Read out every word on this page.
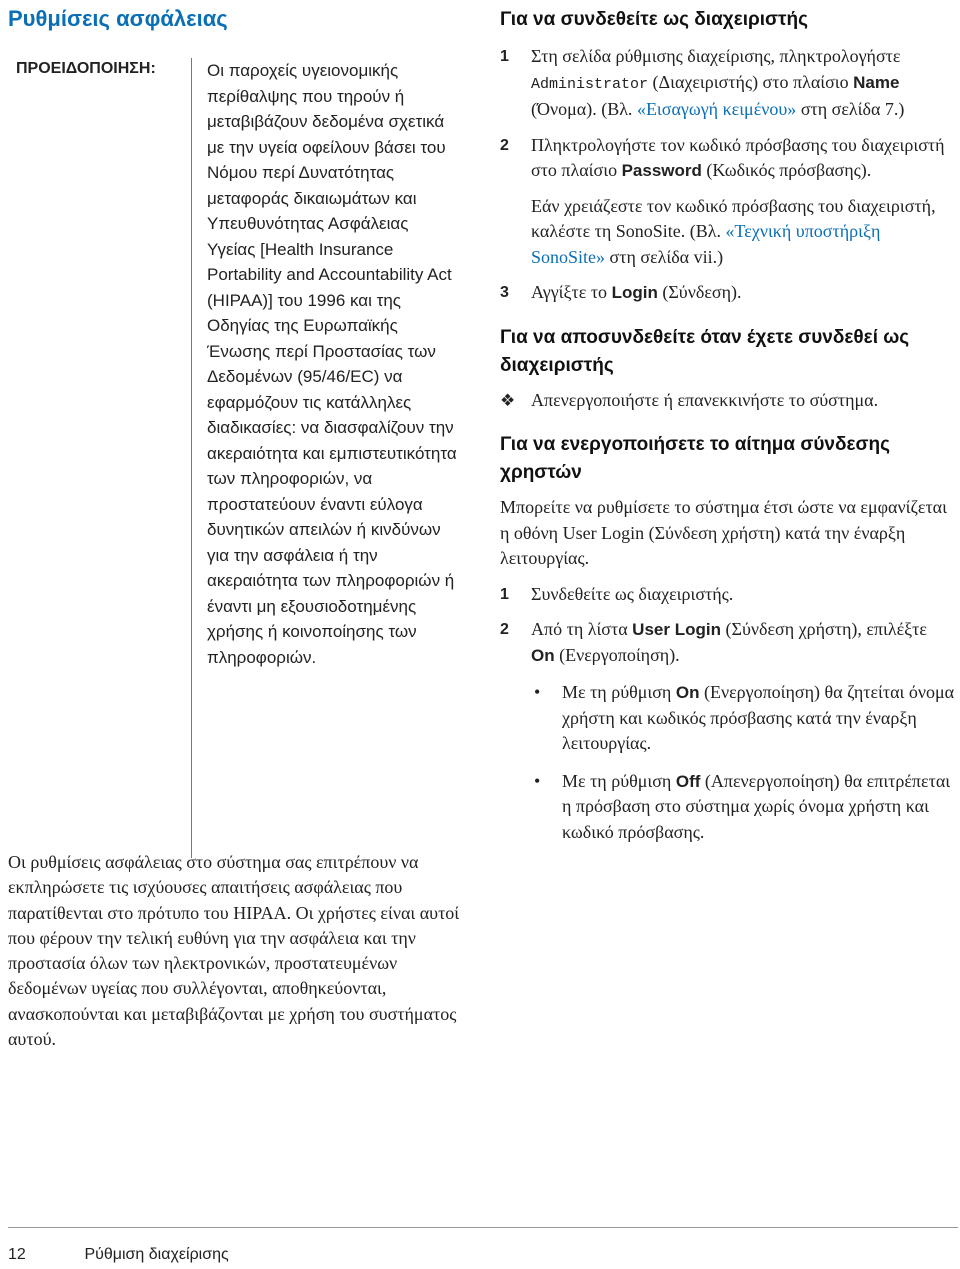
Ρυθμίσεις ασφάλειας
ΠΡΟΕΙΔΟΠΟΙΗΣΗ:	Οι παροχείς υγειονομικής περίθαλψης που τηρούν ή μεταβιβάζουν δεδομένα σχετικά με την υγεία οφείλουν βάσει του Νόμου περί Δυνατότητας μεταφοράς δικαιωμάτων και Υπευθυνότητας Ασφάλειας Υγείας [Health Insurance Portability and Accountability Act (HIPAA)] του 1996 και της Οδηγίας της Ευρωπαϊκής Ένωσης περί Προστασίας των Δεδομένων (95/46/EC) να εφαρμόζουν τις κατάλληλες διαδικασίες: να διασφαλίζουν την ακεραιότητα και εμπιστευτικότητα των πληροφοριών, να προστατεύουν έναντι εύλογα δυνητικών απειλών ή κινδύνων για την ασφάλεια ή την ακεραιότητα των πληροφοριών ή έναντι μη εξουσιοδοτημένης χρήσης ή κοινοποίησης των πληροφοριών.

Οι ρυθμίσεις ασφάλειας στο σύστημα σας επιτρέπουν να εκπληρώσετε τις ισχύουσες απαιτήσεις ασφάλειας που παρατίθενται στο πρότυπο του HIPAA. Οι χρήστες είναι αυτοί που φέρουν την τελική ευθύνη για την ασφάλεια και την προστασία όλων των ηλεκτρονικών, προστατευμένων δεδομένων υγείας που συλλέγονται, αποθηκεύονται, ανασκοπούνται και μεταβιβάζονται με χρήση του συστήματος αυτού.

Για να συνδεθείτε ως διαχειριστής
1 Στη σελίδα ρύθμισης διαχείρισης, πληκτρολογήστε Administrator (Διαχειριστής) στο πλαίσιο Name (Όνομα). (Βλ. «Εισαγωγή κειμένου» στη σελίδα 7.)
2 Πληκτρολογήστε τον κωδικό πρόσβασης του διαχειριστή στο πλαίσιο Password (Κωδικός πρόσβασης).
Εάν χρειάζεστε τον κωδικό πρόσβασης του διαχειριστή, καλέστε τη SonoSite. (Βλ. «Τεχνική υποστήριξη SonoSite» στη σελίδα vii.)
3 Αγγίξτε το Login (Σύνδεση).
Για να αποσυνδεθείτε όταν έχετε συνδεθεί ως διαχειριστής
❖ Απενεργοποιήστε ή επανεκκινήστε το σύστημα.
Για να ενεργοποιήσετε το αίτημα σύνδεσης χρηστών

Μπορείτε να ρυθμίσετε το σύστημα έτσι ώστε να εμφανίζεται η οθόνη User Login (Σύνδεση χρήστη) κατά την έναρξη λειτουργίας.

1 Συνδεθείτε ως διαχειριστής.
2 Από τη λίστα User Login (Σύνδεση χρήστη), επιλέξτε On (Ενεργοποίηση).
• Με τη ρύθμιση On (Ενεργοποίηση) θα ζητείται όνομα χρήστη και κωδικός πρόσβασης κατά την έναρξη λειτουργίας.
• Με τη ρύθμιση Off (Απενεργοποίηση) θα επιτρέπεται η πρόσβαση στο σύστημα χωρίς όνομα χρήστη και κωδικό πρόσβασης.
12	Ρύθμιση διαχείρισης
